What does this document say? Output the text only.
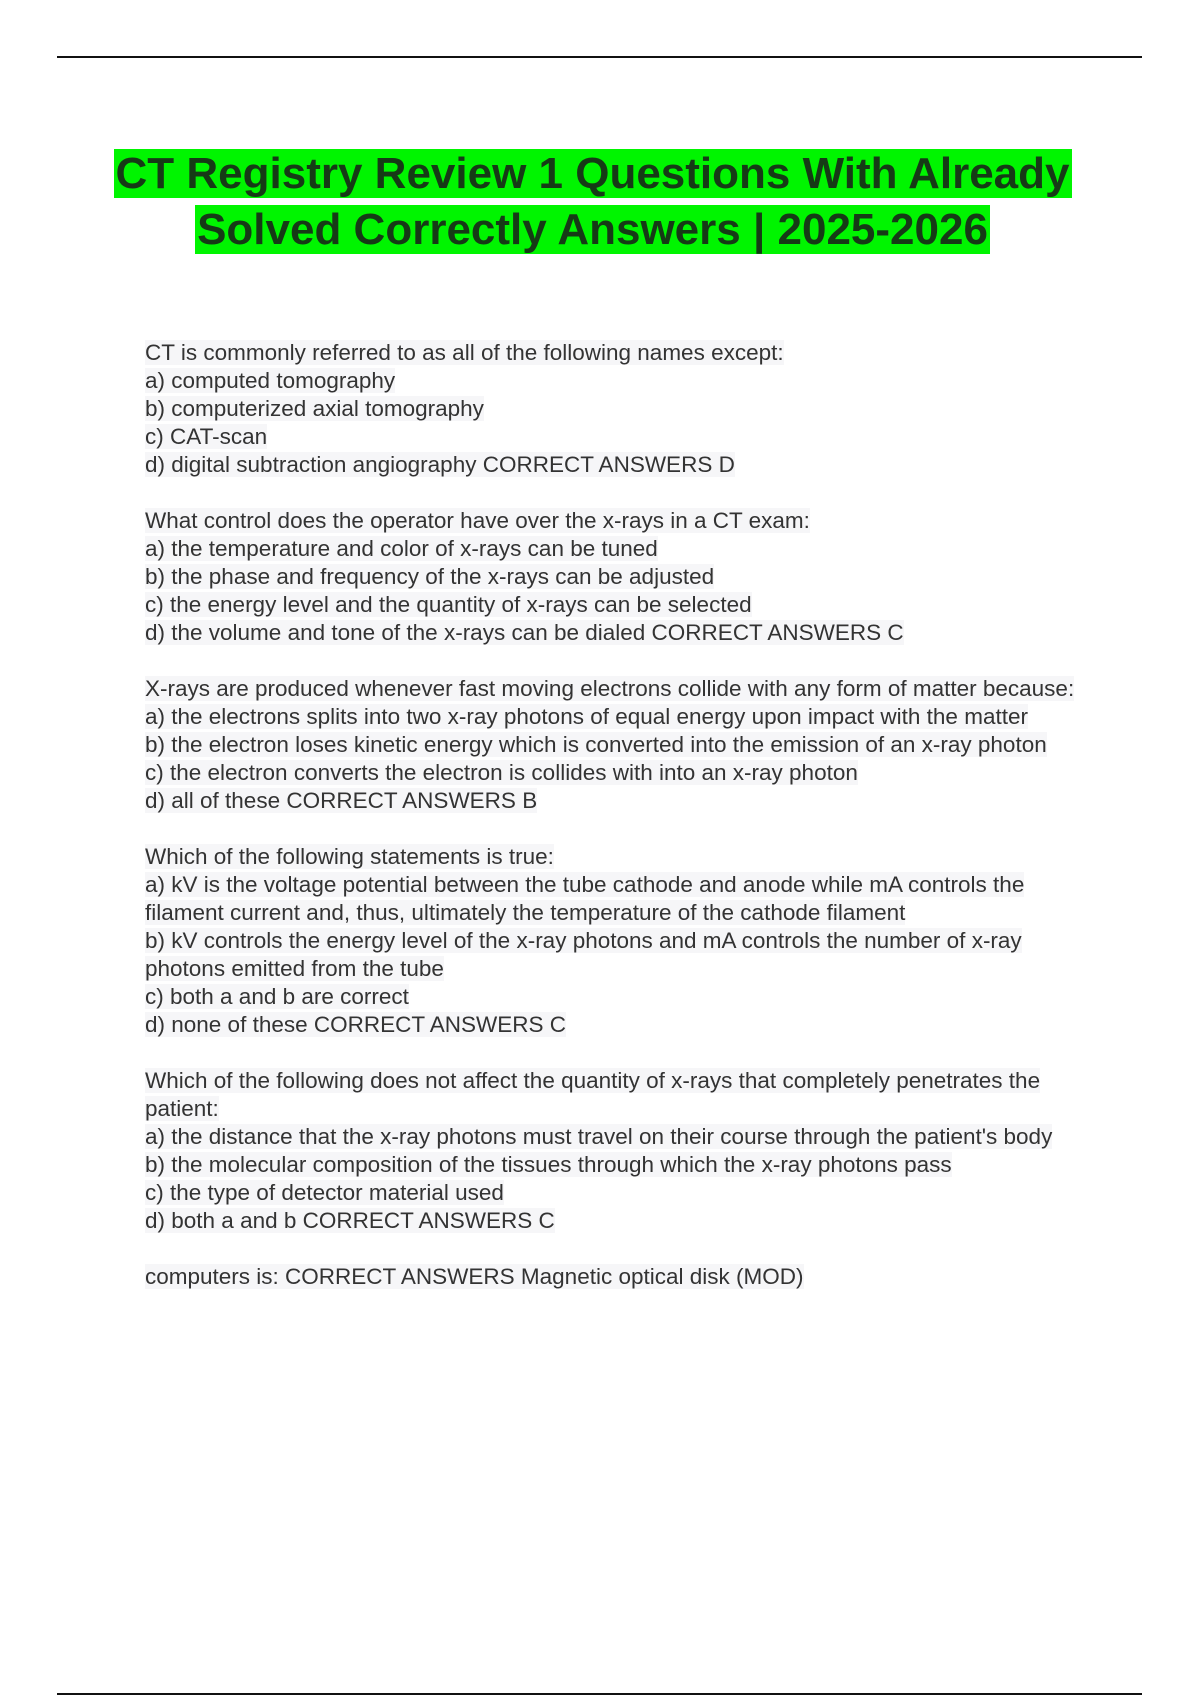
CT Registry Review 1 Questions With Already Solved Correctly Answers | 2025-2026
CT is commonly referred to as all of the following names except:
a) computed tomography
b) computerized axial tomography
c) CAT-scan
d) digital subtraction angiography CORRECT ANSWERS D
What control does the operator have over the x-rays in a CT exam:
a) the temperature and color of x-rays can be tuned
b) the phase and frequency of the x-rays can be adjusted
c) the energy level and the quantity of x-rays can be selected
d) the volume and tone of the x-rays can be dialed CORRECT ANSWERS C
X-rays are produced whenever fast moving electrons collide with any form of matter because:
a) the electrons splits into two x-ray photons of equal energy upon impact with the matter
b) the electron loses kinetic energy which is converted into the emission of an x-ray photon
c) the electron converts the electron is collides with into an x-ray photon
d) all of these CORRECT ANSWERS B
Which of the following statements is true:
a) kV is the voltage potential between the tube cathode and anode while mA controls the filament current and, thus, ultimately the temperature of the cathode filament
b) kV controls the energy level of the x-ray photons and mA controls the number of x-ray photons emitted from the tube
c) both a and b are correct
d) none of these CORRECT ANSWERS C
Which of the following does not affect the quantity of x-rays that completely penetrates the patient:
a) the distance that the x-ray photons must travel on their course through the patient's body
b) the molecular composition of the tissues through which the x-ray photons pass
c) the type of detector material used
d) both a and b CORRECT ANSWERS C
computers is: CORRECT ANSWERS Magnetic optical disk (MOD)
